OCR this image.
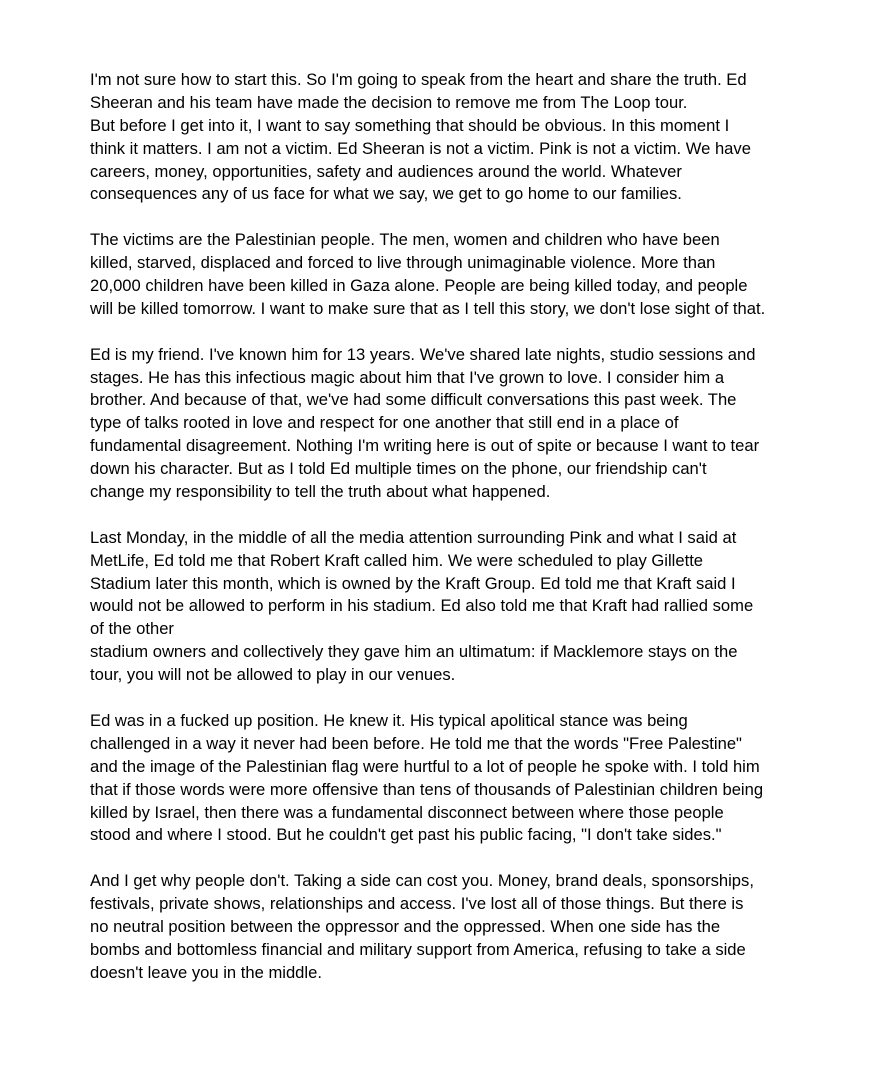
I'm not sure how to start this. So I'm going to speak from the heart and share the truth. Ed
Sheeran and his team have made the decision to remove me from The Loop tour.
But before I get into it, I want to say something that should be obvious. In this moment I
think it matters. I am not a victim. Ed Sheeran is not a victim. Pink is not a victim. We have
careers, money, opportunities, safety and audiences around the world. Whatever
consequences any of us face for what we say, we get to go home to our families.

The victims are the Palestinian people. The men, women and children who have been
killed, starved, displaced and forced to live through unimaginable violence. More than
20,000 children have been killed in Gaza alone. People are being killed today, and people
will be killed tomorrow. I want to make sure that as I tell this story, we don't lose sight of that.

Ed is my friend. I've known him for 13 years. We've shared late nights, studio sessions and
stages. He has this infectious magic about him that I've grown to love. I consider him a
brother. And because of that, we've had some difficult conversations this past week. The
type of talks rooted in love and respect for one another that still end in a place of
fundamental disagreement. Nothing I'm writing here is out of spite or because I want to tear
down his character. But as I told Ed multiple times on the phone, our friendship can't
change my responsibility to tell the truth about what happened.

Last Monday, in the middle of all the media attention surrounding Pink and what I said at
MetLife, Ed told me that Robert Kraft called him. We were scheduled to play Gillette
Stadium later this month, which is owned by the Kraft Group. Ed told me that Kraft said I
would not be allowed to perform in his stadium. Ed also told me that Kraft had rallied some
of the other
stadium owners and collectively they gave him an ultimatum: if Macklemore stays on the
tour, you will not be allowed to play in our venues.

Ed was in a fucked up position. He knew it. His typical apolitical stance was being
challenged in a way it never had been before. He told me that the words "Free Palestine"
and the image of the Palestinian flag were hurtful to a lot of people he spoke with. I told him
that if those words were more offensive than tens of thousands of Palestinian children being
killed by Israel, then there was a fundamental disconnect between where those people
stood and where I stood. But he couldn't get past his public facing, "I don't take sides."

And I get why people don't. Taking a side can cost you. Money, brand deals, sponsorships,
festivals, private shows, relationships and access. I've lost all of those things. But there is
no neutral position between the oppressor and the oppressed. When one side has the
bombs and bottomless financial and military support from America, refusing to take a side
doesn't leave you in the middle.
